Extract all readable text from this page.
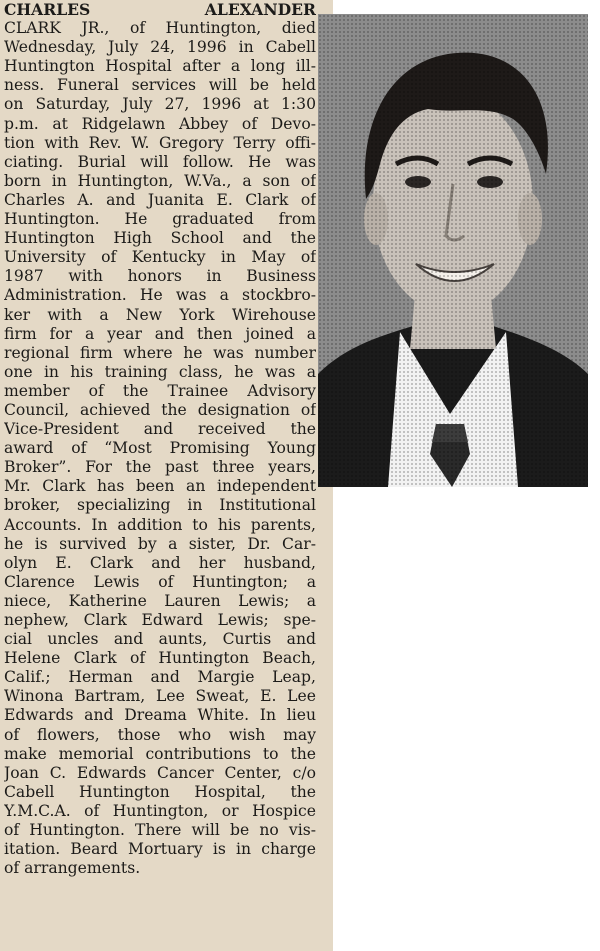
CHARLES ALEXANDER
CLARK JR., of Huntington, died
Wednesday, July 24, 1996 in Cabell
Huntington Hospital after a long ill-
ness. Funeral services will be held
on Saturday, July 27, 1996 at 1:30
p.m. at Ridgelawn Abbey of Devo-
tion with Rev. W. Gregory Terry offi-
ciating. Burial will follow. He was
born in Huntington, W.Va., a son of
Charles A. and Juanita E. Clark of
Huntington. He graduated from
Huntington High School and the
University of Kentucky in May of
1987 with honors in Business
Administration. He was a stockbro-
ker with a New York Wirehouse
firm for a year and then joined a
regional firm where he was number
one in his training class, he was a
member of the Trainee Advisory
Council, achieved the designation of
Vice-President and received the
award of “Most Promising Young
Broker”. For the past three years,
Mr. Clark has been an independent
broker, specializing in Institutional
Accounts. In addition to his parents,
he is survived by a sister, Dr. Car-
olyn E. Clark and her husband,
Clarence Lewis of Huntington; a
niece, Katherine Lauren Lewis; a
nephew, Clark Edward Lewis; spe-
cial uncles and aunts, Curtis and
Helene Clark of Huntington Beach,
Calif.; Herman and Margie Leap,
Winona Bartram, Lee Sweat, E. Lee
Edwards and Dreama White. In lieu
of flowers, those who wish may
make memorial contributions to the
Joan C. Edwards Cancer Center, c/o
Cabell Huntington Hospital, the
Y.M.C.A. of Huntington, or Hospice
of Huntington. There will be no vis-
itation. Beard Mortuary is in charge
of arrangements.
